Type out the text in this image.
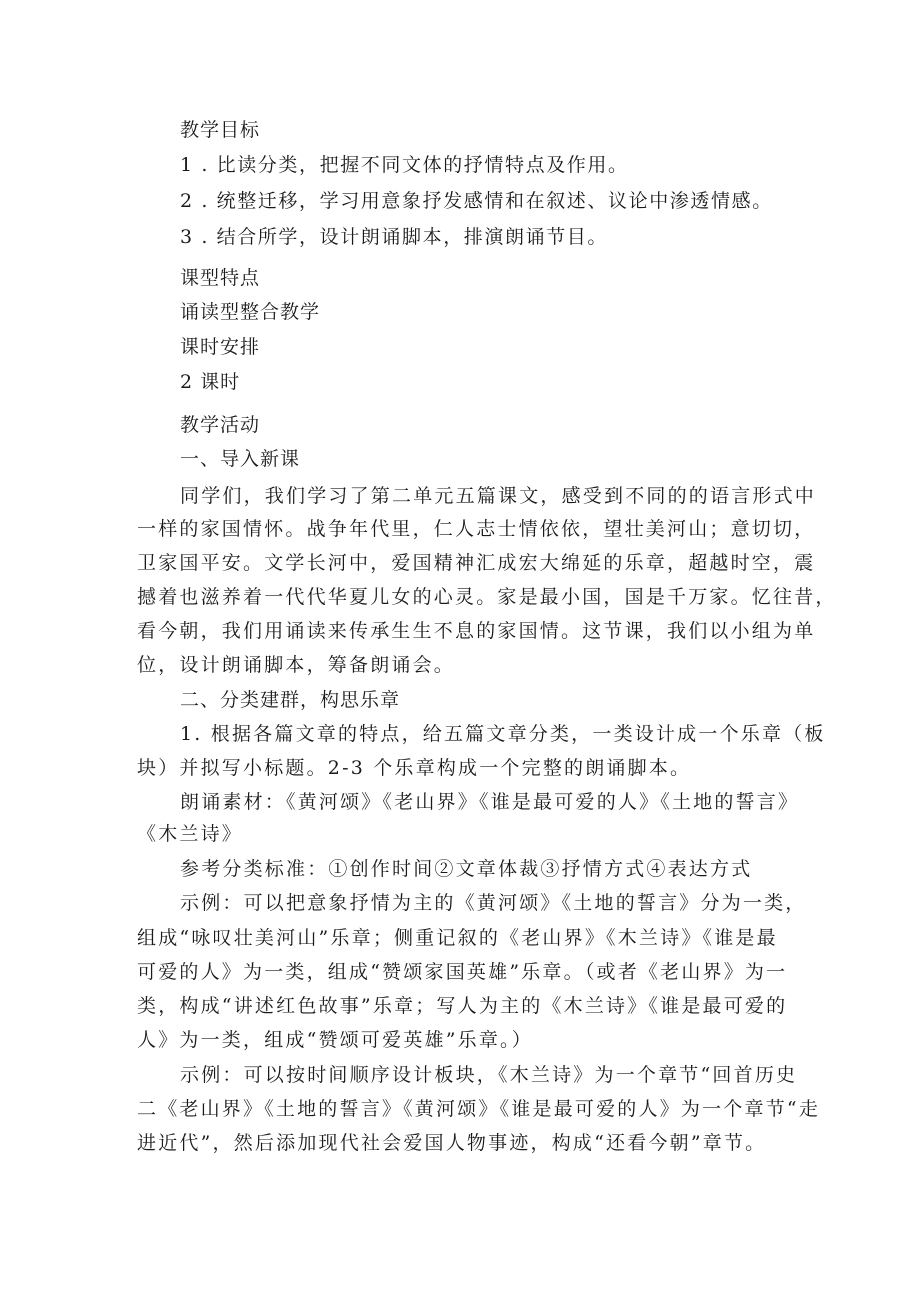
教学目标
1 . 比读分类，把握不同文体的抒情特点及作用。
2 . 统整迁移，学习用意象抒发感情和在叙述、议论中渗透情感。
3 . 结合所学，设计朗诵脚本，排演朗诵节目。
课型特点
诵读型整合教学
课时安排
2 课时
教学活动
一、导入新课
同学们，我们学习了第二单元五篇课文，感受到不同的的语言形式中
一样的家国情怀。战争年代里，仁人志士情依依，望壮美河山；意切切，
卫家国平安。文学长河中，爱国精神汇成宏大绵延的乐章，超越时空，震
撼着也滋养着一代代华夏儿女的心灵。家是最小国，国是千万家。忆往昔，
看今朝，我们用诵读来传承生生不息的家国情。这节课，我们以小组为单
位，设计朗诵脚本，筹备朗诵会。
二、分类建群，构思乐章
1. 根据各篇文章的特点，给五篇文章分类，一类设计成一个乐章（板
块）并拟写小标题。2-3 个乐章构成一个完整的朗诵脚本。
朗诵素材：《黄河颂》《老山界》《谁是最可爱的人》《土地的誓言》
《木兰诗》
参考分类标准：①创作时间②文章体裁③抒情方式④表达方式
示例：可以把意象抒情为主的《黄河颂》《土地的誓言》分为一类，
组成“咏叹壮美河山”乐章；侧重记叙的《老山界》《木兰诗》《谁是最
可爱的人》为一类，组成“赞颂家国英雄”乐章。（或者《老山界》为一
类，构成“讲述红色故事”乐章；写人为主的《木兰诗》《谁是最可爱的
人》为一类，组成“赞颂可爱英雄”乐章。）
示例：可以按时间顺序设计板块，《木兰诗》为一个章节“回首历史
二《老山界》《土地的誓言》《黄河颂》《谁是最可爱的人》为一个章节“走
进近代”，然后添加现代社会爱国人物事迹，构成“还看今朝”章节。
